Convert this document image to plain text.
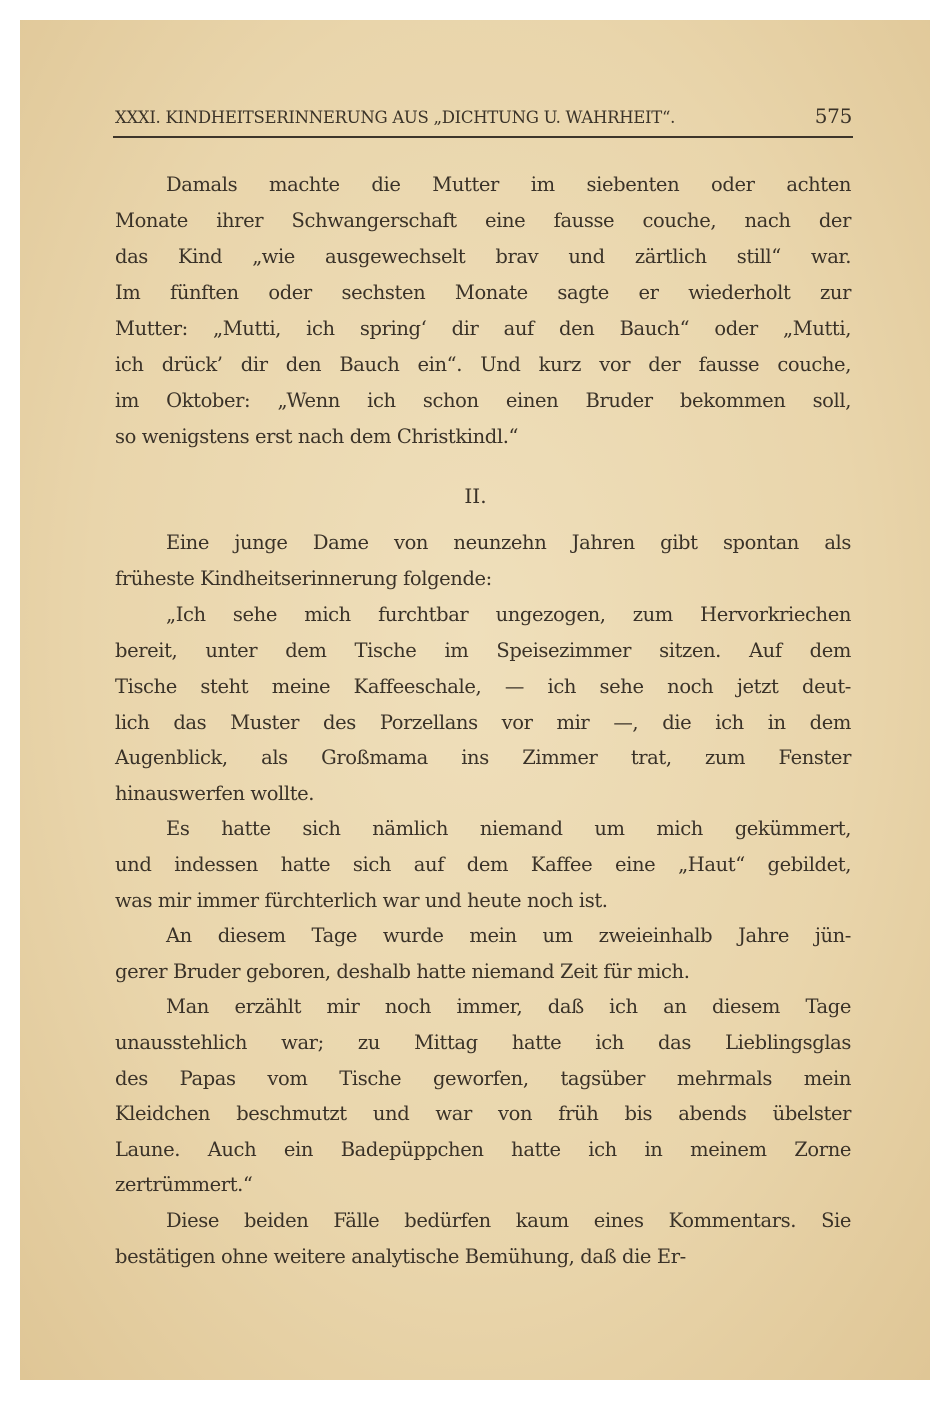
XXXI. KINDHEITSERINNERUNG AUS „DICHTUNG U. WAHRHEIT“.	575
II.
Damals machte die Mutter im siebenten oder achten
Monate ihrer Schwangerschaft eine fausse couche, nach der
das Kind „wie ausgewechselt brav und zärtlich still“ war.
Im fünften oder sechsten Monate sagte er wiederholt zur
Mutter: „Mutti, ich spring‘ dir auf den Bauch“ oder „Mutti,
ich drück’ dir den Bauch ein“. Und kurz vor der fausse couche,
im Oktober: „Wenn ich schon einen Bruder bekommen soll,
so wenigstens erst nach dem Christkindl.“
Eine junge Dame von neunzehn Jahren gibt spontan als
früheste Kindheitserinnerung folgende:
„Ich sehe mich furchtbar ungezogen, zum Hervorkriechen
bereit, unter dem Tische im Speisezimmer sitzen. Auf dem
Tische steht meine Kaffeeschale, — ich sehe noch jetzt deut-
lich das Muster des Porzellans vor mir —, die ich in dem
Augenblick, als Großmama ins Zimmer trat, zum Fenster
hinauswerfen wollte.
Es hatte sich nämlich niemand um mich gekümmert,
und indessen hatte sich auf dem Kaffee eine „Haut“ gebildet,
was mir immer fürchterlich war und heute noch ist.
An diesem Tage wurde mein um zweieinhalb Jahre jün-
gerer Bruder geboren, deshalb hatte niemand Zeit für mich.
Man erzählt mir noch immer, daß ich an diesem Tage
unausstehlich war; zu Mittag hatte ich das Lieblingsglas
des Papas vom Tische geworfen, tagsüber mehrmals mein
Kleidchen beschmutzt und war von früh bis abends übelster
Laune. Auch ein Badepüppchen hatte ich in meinem Zorne
zertrümmert.“
Diese beiden Fälle bedürfen kaum eines Kommentars. Sie
bestätigen ohne weitere analytische Bemühung, daß die Er-
